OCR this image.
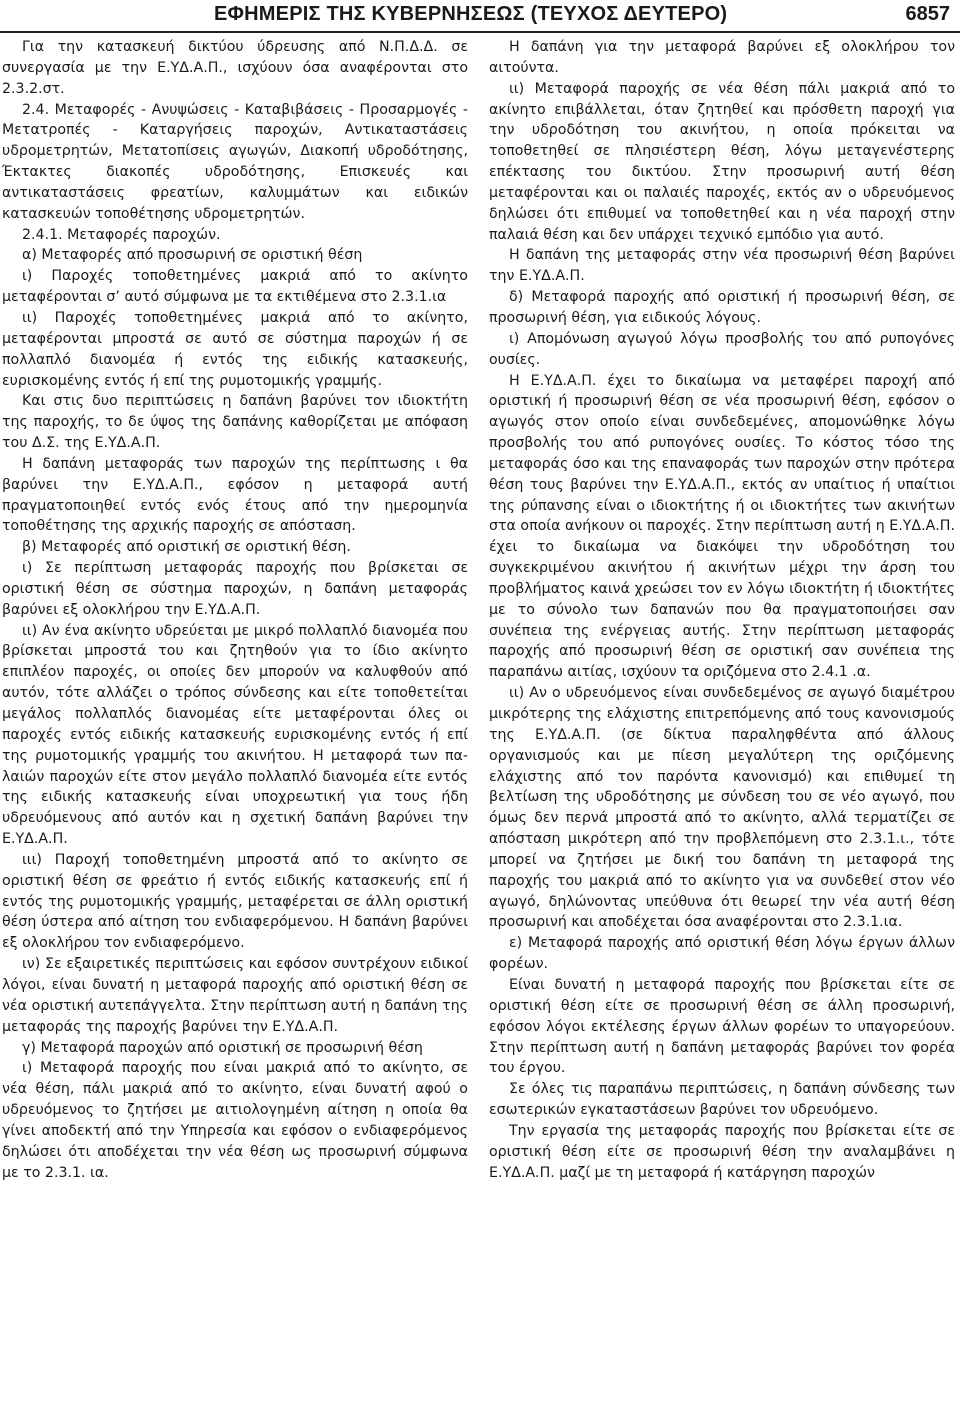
ΕΦΗΜΕΡΙΣ ΤΗΣ ΚΥΒΕΡΝΗΣΕΩΣ (ΤΕΥΧΟΣ ΔΕΥΤΕΡΟ)	6857

Για την κατασκευή δικτύου ύδρευσης από Ν.Π.Δ.Δ. σε συνεργασία με την Ε.ΥΔ.Α.Π., ισχύουν όσα αναφέρονται στο 2.3.2.στ.

2.4. Μεταφορές - Ανυψώσεις - Καταβιβάσεις - Προσαρμογές - Μετατροπές - Καταργήσεις παροχών, Αντικαταστάσεις υδρομετρητών, Μετατοπίσεις αγωγών, Διακοπή υδροδότησης, Έκτακτες διακοπές υδροδότησης, Επισκευές και αντικαταστάσεις φρεατίων, καλυμμάτων και ειδικών κατασκευών τοποθέτησης υδρομετρητών.

2.4.1. Μεταφορές παροχών.

α) Μεταφορές από προσωρινή σε οριστική θέση

ι) Παροχές τοποθετημένες μακριά από το ακίνητο μεταφέρονται σ’ αυτό σύμφωνα με τα εκτιθέμενα στο 2.3.1.ια

ιι) Παροχές τοποθετημένες μακριά από το ακίνητο, μεταφέρονται μπροστά σε αυτό σε σύστημα παροχών ή σε πολλαπλό διανομέα ή εντός της ειδικής κατασκευής, ευρισκομένης εντός ή επί της ρυμοτομικής γραμμής.

Και στις δυο περιπτώσεις η δαπάνη βαρύνει τον ιδιοκτήτη της παροχής, το δε ύψος της δαπάνης καθορίζεται με απόφαση του Δ.Σ. της Ε.ΥΔ.Α.Π.

Η δαπάνη μεταφοράς των παροχών της περίπτωσης ι θα βαρύνει την Ε.ΥΔ.Α.Π., εφόσον η μεταφορά αυτή πραγματοποιηθεί εντός ενός έτους από την ημερομηνία τοποθέτησης της αρχικής παροχής σε απόσταση.

β) Μεταφορές από οριστική σε οριστική θέση.

ι) Σε περίπτωση μεταφοράς παροχής που βρίσκεται σε οριστική θέση σε σύστημα παροχών, η δαπάνη μεταφοράς βαρύνει εξ ολοκλήρου την Ε.ΥΔ.Α.Π.

ιι) Αν ένα ακίνητο υδρεύεται με μικρό πολλαπλό διανομέα που βρίσκεται μπροστά του και ζητηθούν για το ίδιο ακίνητο επιπλέον παροχές, οι οποίες δεν μπορούν να καλυφθούν από αυτόν, τότε αλλάζει ο τρόπος σύνδεσης και είτε τοποθετείται μεγάλος πολλαπλός διανομέας είτε μεταφέρονται όλες οι παροχές εντός ειδικής κατασκευής ευρισκομένης εντός ή επί της ρυμοτομικής γραμμής του ακινήτου. Η μεταφορά των παλαιών παροχών είτε στον μεγάλο πολλαπλό διανομέα είτε εντός της ειδικής κατασκευής είναι υποχρεωτική για τους ήδη υδρευόμενους από αυτόν και η σχετική δαπάνη βαρύνει την Ε.ΥΔ.Α.Π.

ιιι) Παροχή τοποθετημένη μπροστά από το ακίνητο σε οριστική θέση σε φρεάτιο ή εντός ειδικής κατασκευής επί ή εντός της ρυμοτομικής γραμμής, μεταφέρεται σε άλλη οριστική θέση ύστερα από αίτηση του ενδιαφερόμενου. Η δαπάνη βαρύνει εξ ολοκλήρου τον ενδιαφερόμενο.

ιν) Σε εξαιρετικές περιπτώσεις και εφόσον συντρέχουν ειδικοί λόγοι, είναι δυνατή η μεταφορά παροχής από οριστική θέση σε νέα οριστική αυτεπάγγελτα. Στην περίπτωση αυτή η δαπάνη της μεταφοράς της παροχής βαρύνει την Ε.ΥΔ.Α.Π.

γ) Μεταφορά παροχών από οριστική σε προσωρινή θέση

ι) Μεταφορά παροχής που είναι μακριά από το ακίνητο, σε νέα θέση, πάλι μακριά από το ακίνητο, είναι δυνατή αφού ο υδρευόμενος το ζητήσει με αιτιολογημένη αίτηση η οποία θα γίνει αποδεκτή από την Υπηρεσία και εφόσον ο ενδιαφερόμενος δηλώσει ότι αποδέχεται την νέα θέση ως προσωρινή σύμφωνα με το 2.3.1. ια.

Η δαπάνη για την μεταφορά βαρύνει εξ ολοκλήρου τον αιτούντα.

ιι) Μεταφορά παροχής σε νέα θέση πάλι μακριά από το ακίνητο επιβάλλεται, όταν ζητηθεί και πρόσθετη παροχή για την υδροδότηση του ακινήτου, η οποία πρόκειται να τοποθετηθεί σε πλησιέστερη θέση, λόγω μεταγενέστερης επέκτασης του δικτύου. Στην προσωρινή αυτή θέση μεταφέρονται και οι παλαιές παροχές, εκτός αν ο υδρευόμενος δηλώσει ότι επιθυμεί να τοποθετηθεί και η νέα παροχή στην παλαιά θέση και δεν υπάρχει τεχνικό εμπόδιο για αυτό.

Η δαπάνη της μεταφοράς στην νέα προσωρινή θέση βαρύνει την Ε.ΥΔ.Α.Π.

δ) Μεταφορά παροχής από οριστική ή προσωρινή θέση, σε προσωρινή θέση, για ειδικούς λόγους.

ι) Απομόνωση αγωγού λόγω προσβολής του από ρυπογόνες ουσίες.

Η Ε.ΥΔ.Α.Π. έχει το δικαίωμα να μεταφέρει παροχή από οριστική ή προσωρινή θέση σε νέα προσωρινή θέση, εφόσον ο αγωγός στον οποίο είναι συνδεδεμένες, απομονώθηκε λόγω προσβολής του από ρυπογόνες ουσίες. Το κόστος τόσο της μεταφοράς όσο και της επαναφοράς των παροχών στην πρότερα θέση τους βαρύνει την Ε.ΥΔ.Α.Π., εκτός αν υπαίτιος ή υπαίτιοι της ρύπανσης είναι ο ιδιοκτήτης ή οι ιδιοκτήτες των ακινήτων στα οποία ανήκουν οι παροχές. Στην περίπτωση αυτή η Ε.ΥΔ.Α.Π. έχει το δικαίωμα να διακόψει την υδροδότηση του συγκεκριμένου ακινήτου ή ακινήτων μέχρι την άρση του προβλήματος καινά χρεώσει τον εν λόγω ιδιοκτήτη ή ιδιοκτήτες με το σύνολο των δαπανών που θα πραγματοποιήσει σαν συνέπεια της ενέργειας αυτής. Στην περίπτωση μεταφοράς παροχής από προσωρινή θέση σε οριστική σαν συνέπεια της παραπάνω αιτίας, ισχύουν τα οριζόμενα στο 2.4.1 .α.

ιι) Αν ο υδρευόμενος είναι συνδεδεμένος σε αγωγό διαμέτρου μικρότερης της ελάχιστης επιτρεπόμενης από τους κανονισμούς της Ε.ΥΔ.Α.Π. (σε δίκτυα παραληφθέντα από άλλους οργανισμούς και με πίεση μεγαλύτερη της οριζόμενης ελάχιστης από τον παρόντα κανονισμό) και επιθυμεί τη βελτίωση της υδροδότησης με σύνδεση του σε νέο αγωγό, που όμως δεν περνά μπροστά από το ακίνητο, αλλά τερματίζει σε απόσταση μικρότερη από την προβλεπόμενη στο 2.3.1.ι., τότε μπορεί να ζητήσει με δική του δαπάνη τη μεταφορά της παροχής του μακριά από το ακίνητο για να συνδεθεί στον νέο αγωγό, δηλώνοντας υπεύθυνα ότι θεωρεί την νέα αυτή θέση προσωρινή και αποδέχεται όσα αναφέρονται στο 2.3.1.ια.

ε) Μεταφορά παροχής από οριστική θέση λόγω έργων άλλων φορέων.

Είναι δυνατή η μεταφορά παροχής που βρίσκεται είτε σε οριστική θέση είτε σε προσωρινή θέση σε άλλη προσωρινή, εφόσον λόγοι εκτέλεσης έργων άλλων φορέων το υπαγορεύουν. Στην περίπτωση αυτή η δαπάνη μεταφοράς βαρύνει τον φορέα του έργου.

Σε όλες τις παραπάνω περιπτώσεις, η δαπάνη σύνδεσης των εσωτερικών εγκαταστάσεων βαρύνει τον υδρευόμενο.

Την εργασία της μεταφοράς παροχής που βρίσκεται είτε σε οριστική θέση είτε σε προσωρινή θέση την αναλαμβάνει η Ε.ΥΔ.Α.Π. μαζί με τη μεταφορά ή κατάργηση παροχών
